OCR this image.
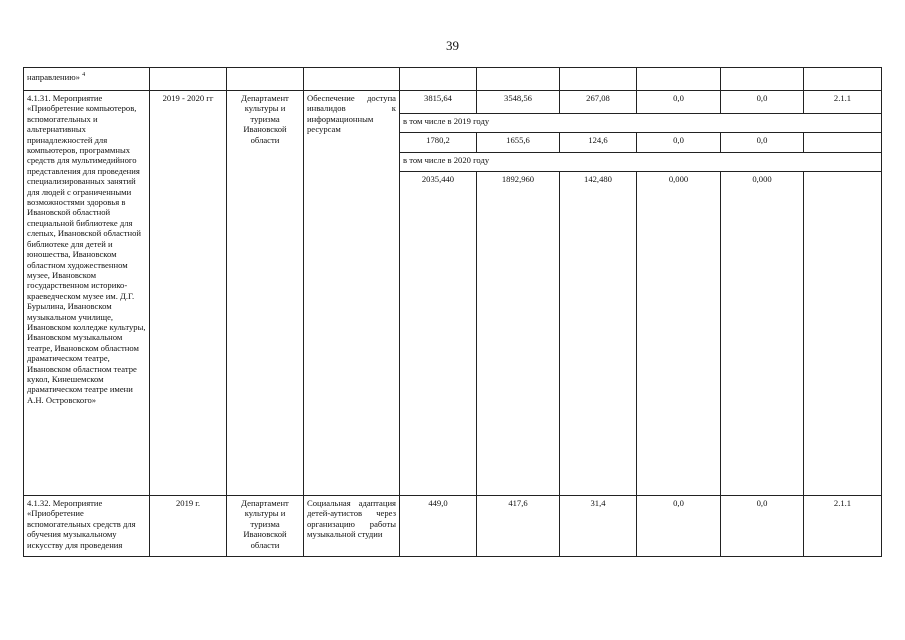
39
направлению» $^4$									
4.1.31. Мероприятие «Приобретение компьютеров, вспомогательных и альтернативных принадлежностей для компьютеров, программных средств для мультимедийного представления для проведения специализированных занятий для людей с ограниченными возможностями здоровья в Ивановской областной специальной библиотеке для слепых, Ивановской областной библиотеке для детей и юношества, Ивановском областном художественном музее, Ивановском государственном историко-краеведческом музее им. Д.Г. Бурылина, Ивановском музыкальном училище, Ивановском колледже культуры, Ивановском музыкальном театре, Ивановском областном драматическом театре, Ивановском областном театре кукол, Кинешемском драматическом театре имени А.Н. Островского»	2019 - 2020 гг	Департамент культуры и туризма Ивановской области	Обеспечение доступа инвалидов к информационным ресурсам	3815,64	3548,56	267,08	0,0	0,0	2.1.1
				в том числе в 2019 году					
				1780,2	1655,6	124,6	0,0	0,0	
				в том числе в 2020 году					
				2035,440	1892,960	142,480	0,000	0,000	
4.1.32. Мероприятие «Приобретение вспомогательных средств для обучения музыкальному искусству для проведения	2019 г.	Департамент культуры и туризма Ивановской области	Социальная адаптация детей-аутистов через организацию работы музыкальной студии	449,0	417,6	31,4	0,0	0,0	2.1.1
